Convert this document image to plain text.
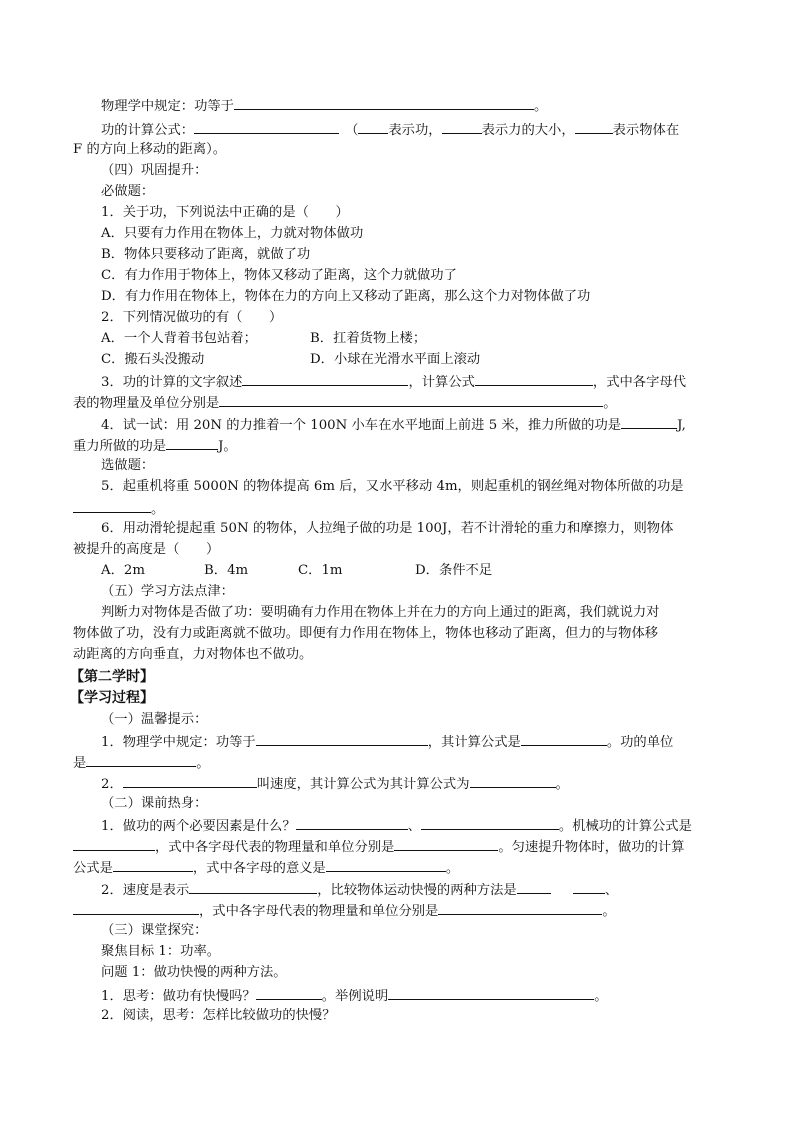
物理学中规定：功等于	。
功的计算公式：	（ 表示功，	表示力的大小，	表示物体在
F 的方向上移动的距离）。
（四）巩固提升：
必做题：
1．关于功，下列说法中正确的是（　　）
A．只要有力作用在物体上，力就对物体做功
B．物体只要移动了距离，就做了功
C．有力作用于物体上，物体又移动了距离，这个力就做功了
D．有力作用在物体上，物体在力的方向上又移动了距离，那么这个力对物体做了功
2．下列情况做功的有（　　）
A．一个人背着书包站着；	B．扛着货物上楼；
C．搬石头没搬动	D．小球在光滑水平面上滚动
3．功的计算的文字叙述	，计算公式	，式中各字母代
表的物理量及单位分别是	。
4．试一试：用 20N 的力推着一个 100N 小车在水平地面上前进 5 米，推力所做的功是	J,
重力所做的功是	J。
选做题：
5．起重机将重 5000N 的物体提高 6m 后，又水平移动 4m，则起重机的钢丝绳对物体所做的功是
。
6．用动滑轮提起重 50N 的物体，人拉绳子做的功是 100J，若不计滑轮的重力和摩擦力，则物体
被提升的高度是（　　）
A．2m	B．4m	C．1m	D．条件不足
（五）学习方法点津：
判断力对物体是否做了功：要明确有力作用在物体上并在力的方向上通过的距离，我们就说力对
物体做了功，没有力或距离就不做功。即便有力作用在物体上，物体也移动了距离，但力的与物体移
动距离的方向垂直，力对物体也不做功。
【第二学时】
【学习过程】
（一）温馨提示：
1．物理学中规定：功等于	，其计算公式是	。功的单位
是	。
2．	叫速度，其计算公式为其计算公式为	。
（二）课前热身：
1．做功的两个必要因素是什么？	、	。机械功的计算公式是
，式中各字母代表的物理量和单位分别是	。匀速提升物体时，做功的计算
公式是	，式中各字母的意义是	。
2．速度是表示	，比较物体运动快慢的两种方法是	、
，式中各字母代表的物理量和单位分别是	。
（三）课堂探究：
聚焦目标 1：功率。
问题 1：做功快慢的两种方法。
1．思考：做功有快慢吗？	。举例说明	。
2．阅读，思考：怎样比较做功的快慢？
